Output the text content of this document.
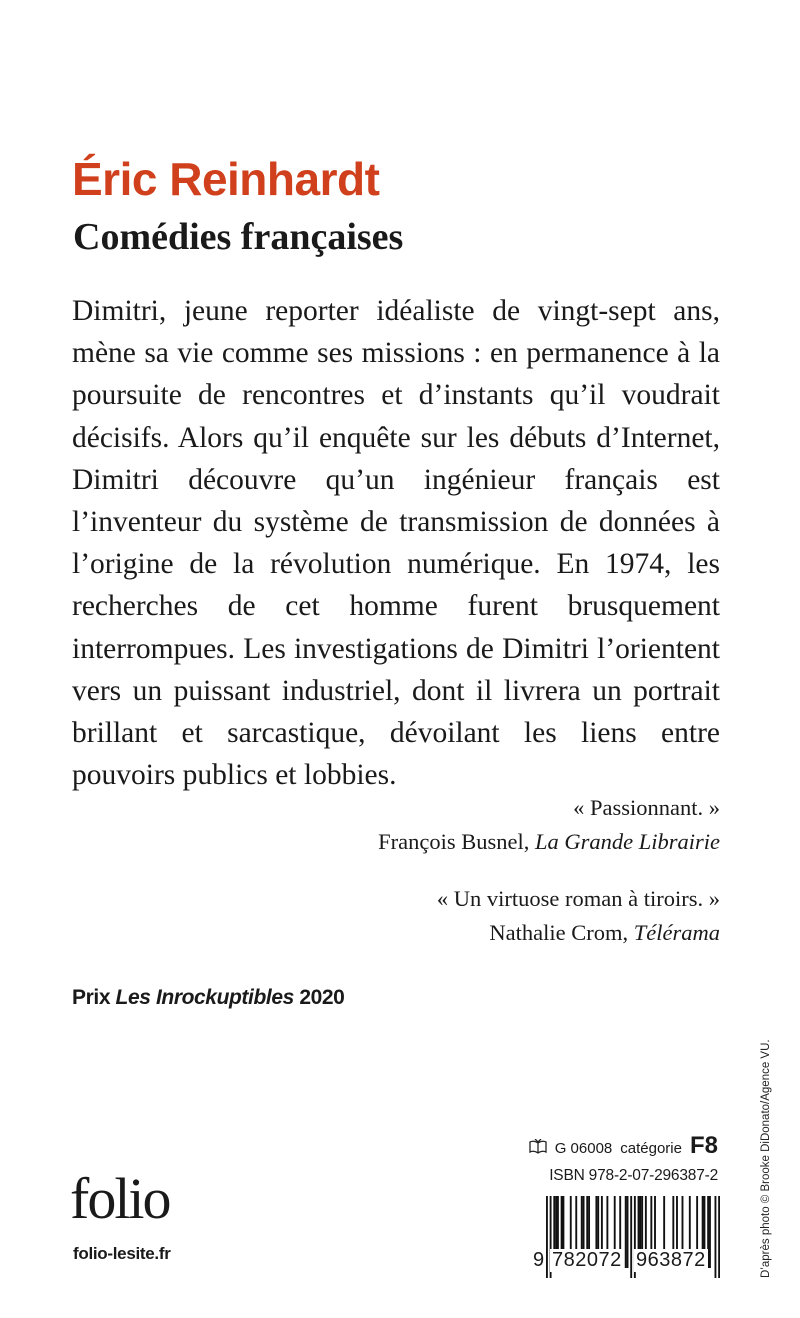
Éric Reinhardt
Comédies françaises

Dimitri, jeune reporter idéaliste de vingt-sept ans, mène sa vie comme ses missions : en permanence à la poursuite de rencontres et d’instants qu’il voudrait décisifs. Alors qu’il enquête sur les débuts d’Internet, Dimitri découvre qu’un ingénieur français est l’inventeur du système de transmission de données à l’origine de la révolution numérique. En 1974, les recherches de cet homme furent brusquement interrompues. Les investigations de Dimitri l’orientent vers un puissant industriel, dont il livrera un portrait brillant et sarcastique, dévoilant les liens entre pouvoirs publics et lobbies.

« Passionnant. »
François Busnel, La Grande Librairie
« Un virtuose roman à tiroirs. »
Nathalie Crom, Télérama
Prix Les Inrockuptibles 2020
G 06008 catégorie F8
ISBN 978-2-07-296387-2
9 782072 963872
folio
folio-lesite.fr	D’après photo © Brooke DiDonato/Agence VU.
